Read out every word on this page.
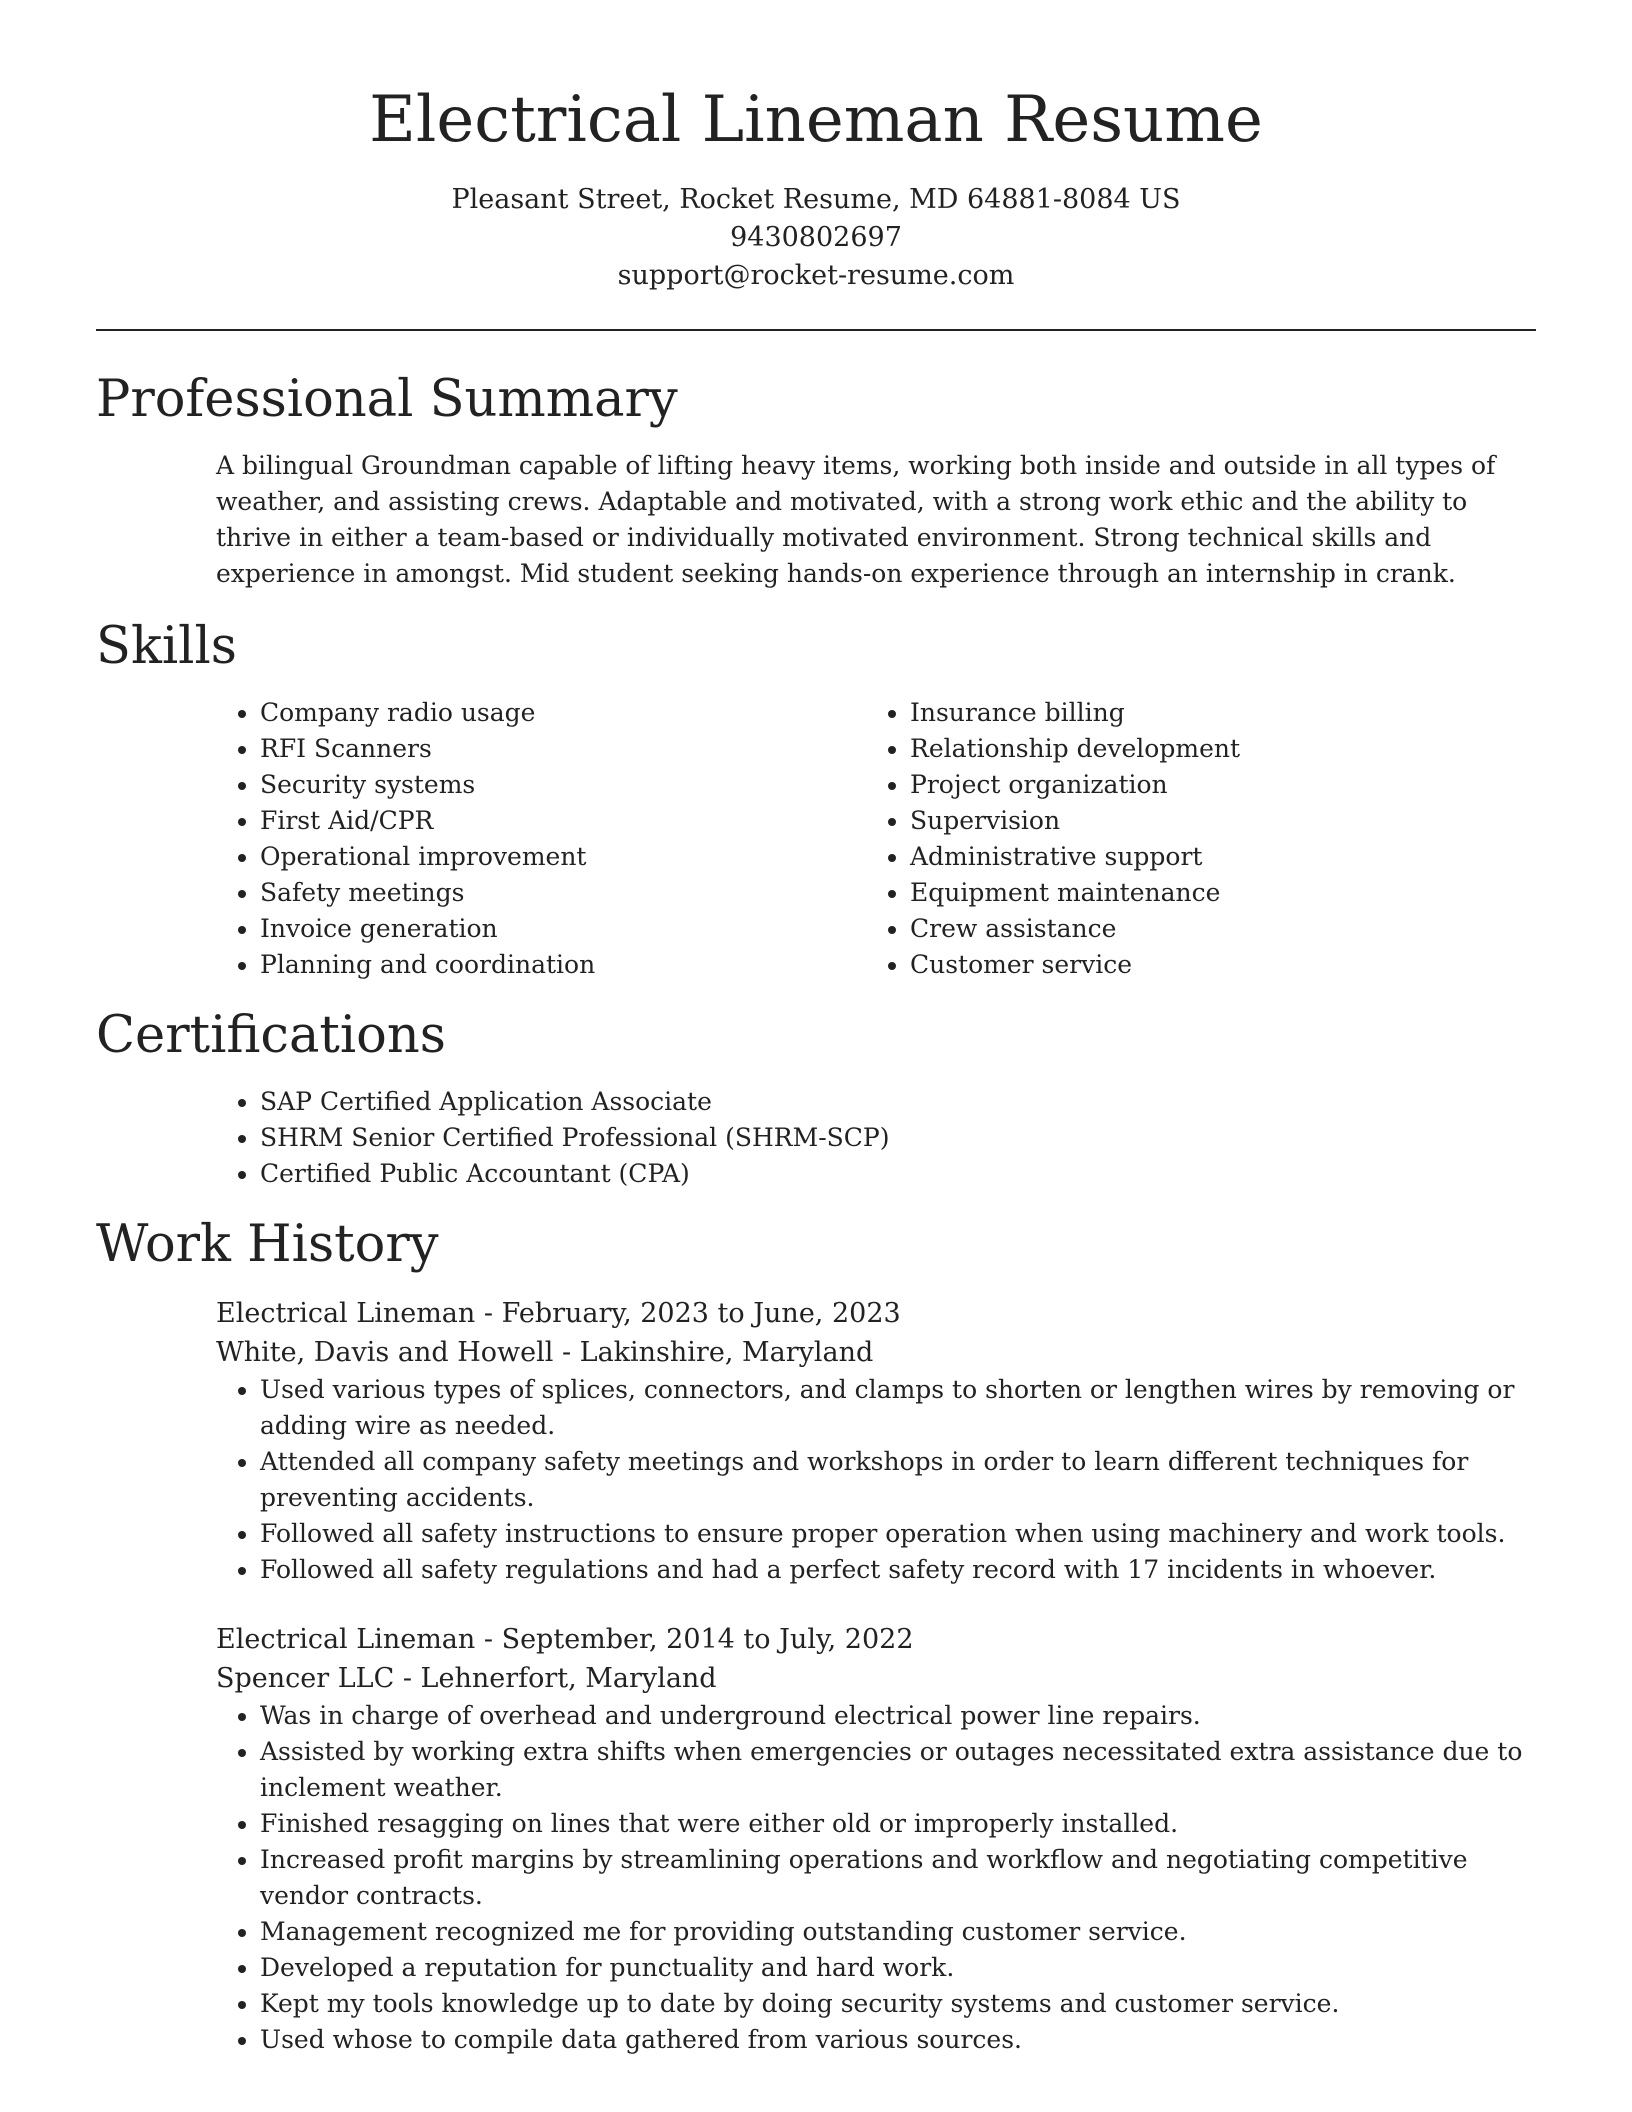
Electrical Lineman Resume
Pleasant Street, Rocket Resume, MD 64881-8084 US
9430802697
support@rocket-resume.com
Professional Summary
A bilingual Groundman capable of lifting heavy items, working both inside and outside in all types of weather, and assisting crews. Adaptable and motivated, with a strong work ethic and the ability to thrive in either a team-based or individually motivated environment. Strong technical skills and experience in amongst. Mid student seeking hands-on experience through an internship in crank.
Skills
• Company radio usage
• RFI Scanners
• Security systems
• First Aid/CPR
• Operational improvement
• Safety meetings
• Invoice generation
• Planning and coordination
• Insurance billing
• Relationship development
• Project organization
• Supervision
• Administrative support
• Equipment maintenance
• Crew assistance
• Customer service
Certifications
• SAP Certified Application Associate
• SHRM Senior Certified Professional (SHRM-SCP)
• Certified Public Accountant (CPA)
Work History
Electrical Lineman - February, 2023 to June, 2023
White, Davis and Howell - Lakinshire, Maryland
• Used various types of splices, connectors, and clamps to shorten or lengthen wires by removing or adding wire as needed.
• Attended all company safety meetings and workshops in order to learn different techniques for preventing accidents.
• Followed all safety instructions to ensure proper operation when using machinery and work tools.
• Followed all safety regulations and had a perfect safety record with 17 incidents in whoever.
Electrical Lineman - September, 2014 to July, 2022
Spencer LLC - Lehnerfort, Maryland
• Was in charge of overhead and underground electrical power line repairs.
• Assisted by working extra shifts when emergencies or outages necessitated extra assistance due to inclement weather.
• Finished resagging on lines that were either old or improperly installed.
• Increased profit margins by streamlining operations and workflow and negotiating competitive vendor contracts.
• Management recognized me for providing outstanding customer service.
• Developed a reputation for punctuality and hard work.
• Kept my tools knowledge up to date by doing security systems and customer service.
• Used whose to compile data gathered from various sources.
